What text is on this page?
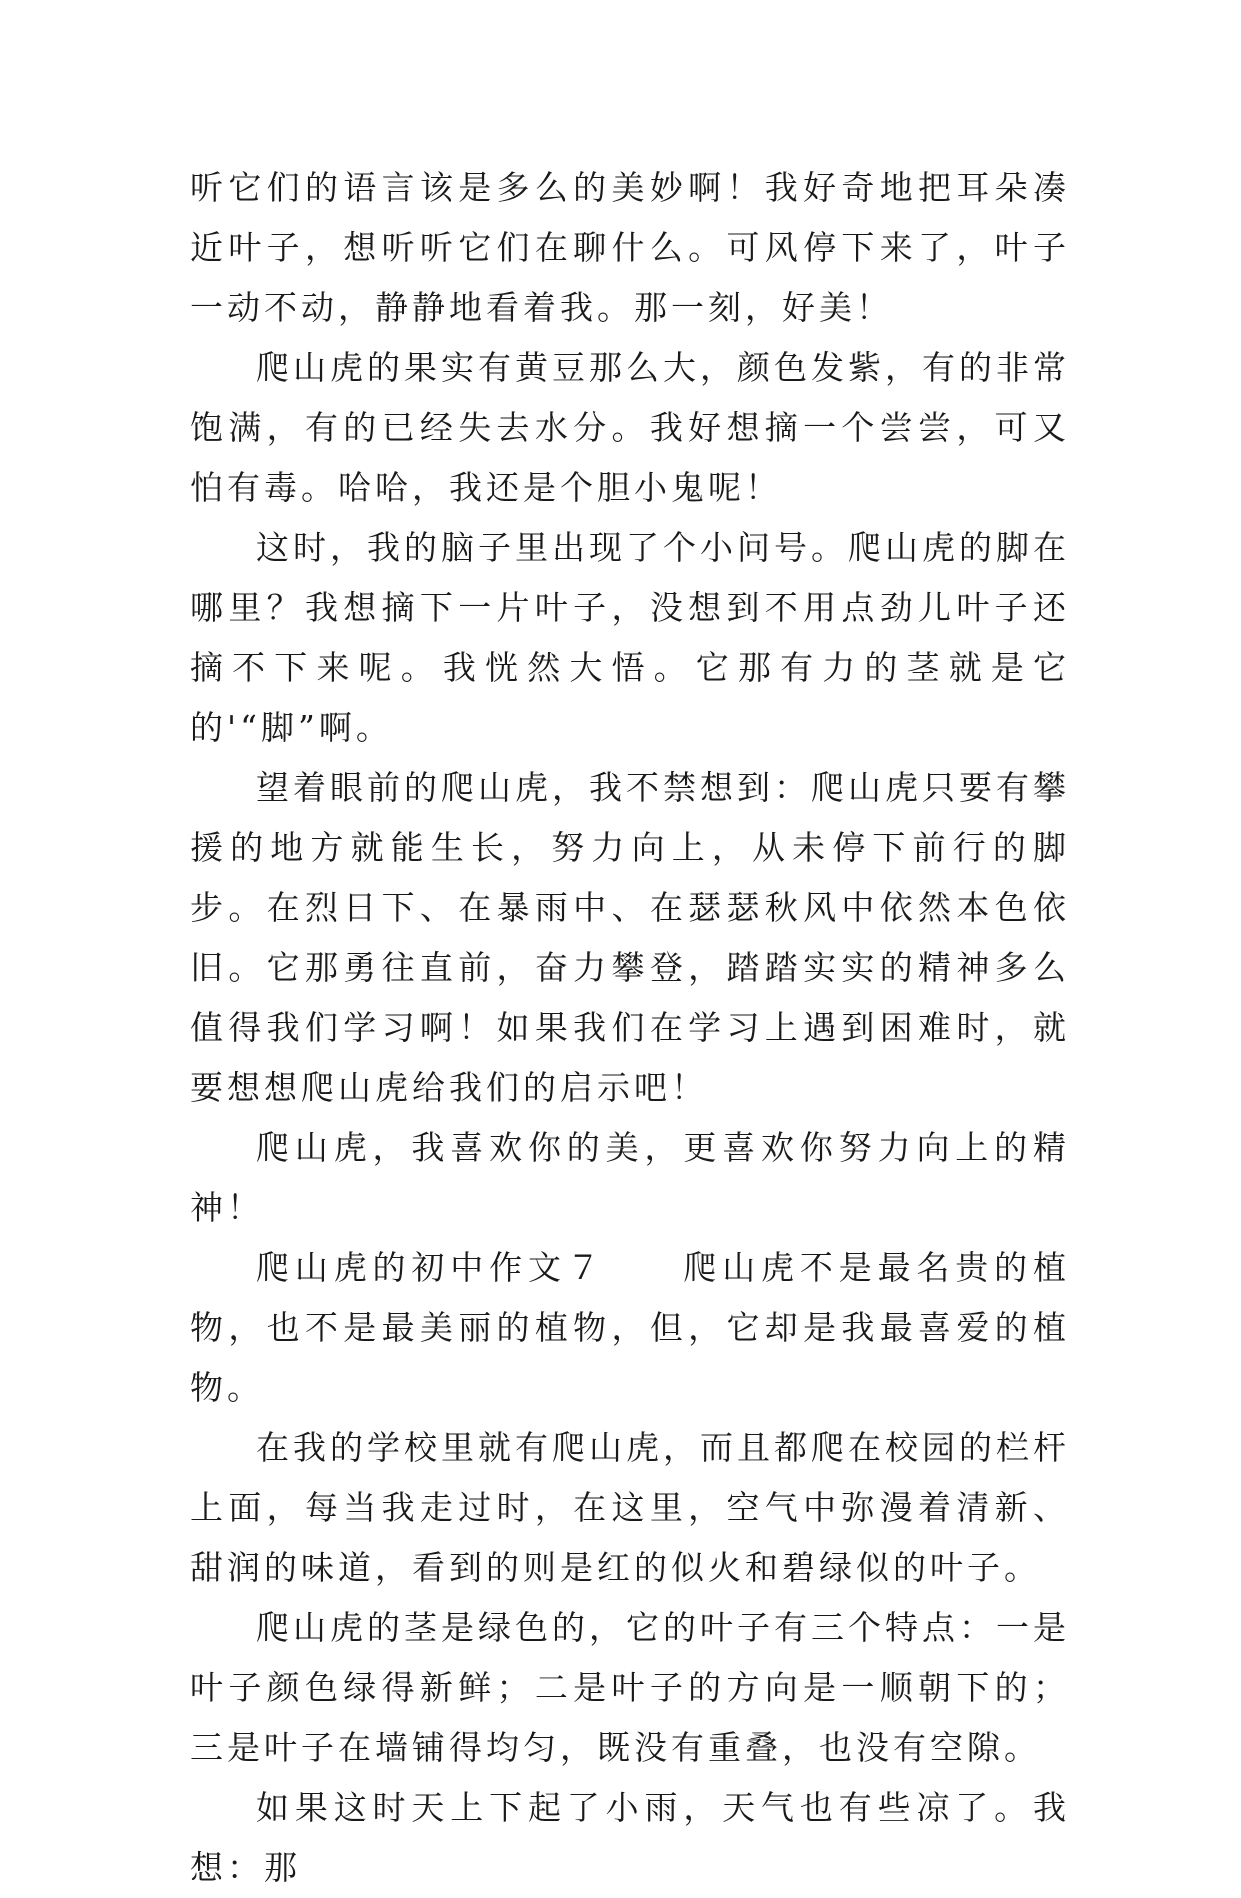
听它们的语言该是多么的美妙啊！我好奇地把耳朵凑近叶子，想听听它们在聊什么。可风停下来了，叶子一动不动，静静地看着我。那一刻，好美！

爬山虎的果实有黄豆那么大，颜色发紫，有的非常饱满，有的已经失去水分。我好想摘一个尝尝，可又怕有毒。哈哈，我还是个胆小鬼呢！

这时，我的脑子里出现了个小问号。爬山虎的脚在哪里？我想摘下一片叶子，没想到不用点劲儿叶子还摘不下来呢。我恍然大悟。它那有力的茎就是它的'“脚”啊。

望着眼前的爬山虎，我不禁想到：爬山虎只要有攀援的地方就能生长，努力向上，从未停下前行的脚步。在烈日下、在暴雨中、在瑟瑟秋风中依然本色依旧。它那勇往直前，奋力攀登，踏踏实实的精神多么值得我们学习啊！如果我们在学习上遇到困难时，就要想想爬山虎给我们的启示吧！

爬山虎，我喜欢你的美，更喜欢你努力向上的精神！

爬山虎的初中作文７　　爬山虎不是最名贵的植物，也不是最美丽的植物，但，它却是我最喜爱的植物。

在我的学校里就有爬山虎，而且都爬在校园的栏杆上面，每当我走过时，在这里，空气中弥漫着清新、甜润的味道，看到的则是红的似火和碧绿似的叶子。

爬山虎的茎是绿色的，它的叶子有三个特点：一是叶子颜色绿得新鲜；二是叶子的方向是一顺朝下的；三是叶子在墙铺得均匀，既没有重叠，也没有空隙。

如果这时天上下起了小雨，天气也有些凉了。我想：那
